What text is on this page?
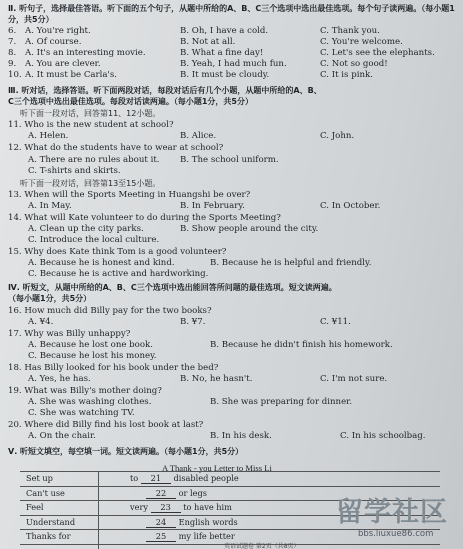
Ⅱ. 听句子，选择最佳答语。听下面的五个句子，从题中所给的A、B、C三个选项中选出最佳选项。每个句子读两遍。（每小题1分，共5分）
6. A. You're right.	B. Oh, I have a cold.	C. Thank you.
7. A. Of course.	B. Not at all.	C. You're welcome.
8. A. It's an interesting movie.	B. What a fine day!	C. Let's see the elephants.
9. A. You are clever.	B. Yeah, I had much fun.	C. Not so good!
10. A. It must be Carla's.	B. It must be cloudy.	C. It is pink.
Ⅲ. 听对话，选择答语。听下面两段对话，每段对话后有几个小题，从题中所给的A、B、
C三个选项中选出最佳选项。每段对话读两遍。（每小题1分，共5分）
听下面一段对话，回答第11、12小题。
11. Who is the new student at school?
A. Helen.	B. Alice.	C. John.
12. What do the students have to wear at school?
A. There are no rules about it. B. The school uniform.
C. T-shirts and skirts.
听下面一段对话，回答第13至15小题。
13. When will the Sports Meeting in Huangshi be over?
A. In May.	B. In February.	C. In October.
14. What will Kate volunteer to do during the Sports Meeting?
A. Clean up the city parks.	B. Show people around the city.
C. Introduce the local culture.
15. Why does Kate think Tom is a good volunteer?
A. Because he is honest and kind.	B. Because he is helpful and friendly.
C. Because he is active and hardworking.
Ⅳ. 听短文，从题中所给的A、B、C三个选项中选出能回答所问题的最佳选项。短文读两遍。
（每小题1分，共5分）
16. How much did Billy pay for the two books?
A. ¥4.	B. ¥7.	C. ¥11.
17. Why was Billy unhappy?
A. Because he lost one book.	B. Because he didn't finish his homework.
C. Because he lost his money.
18. Has Billy looked for his book under the bed?
A. Yes, he has.	B. No, he hasn't.	C. I'm not sure.
19. What was Billy's mother doing?
A. She was washing clothes.	B. She was preparing for dinner.
C. She was watching TV.
20. Where did Billy find his lost book at last?
A. On the chair.	B. In his desk.	C. In his schoolbag.
Ⅴ. 听短文填空，每空填一词。短文读两遍。（每小题1分，共5分）
A Thank - you Letter to Miss Li
Set up	to 21 disabled people
Can't use	22 or legs
Feel	very 23 to have him
Understand	24 English words
Thanks for	25 my life better
留学社区
bbs.liuxue86.com
英语试题卷 第2页（共8页）
